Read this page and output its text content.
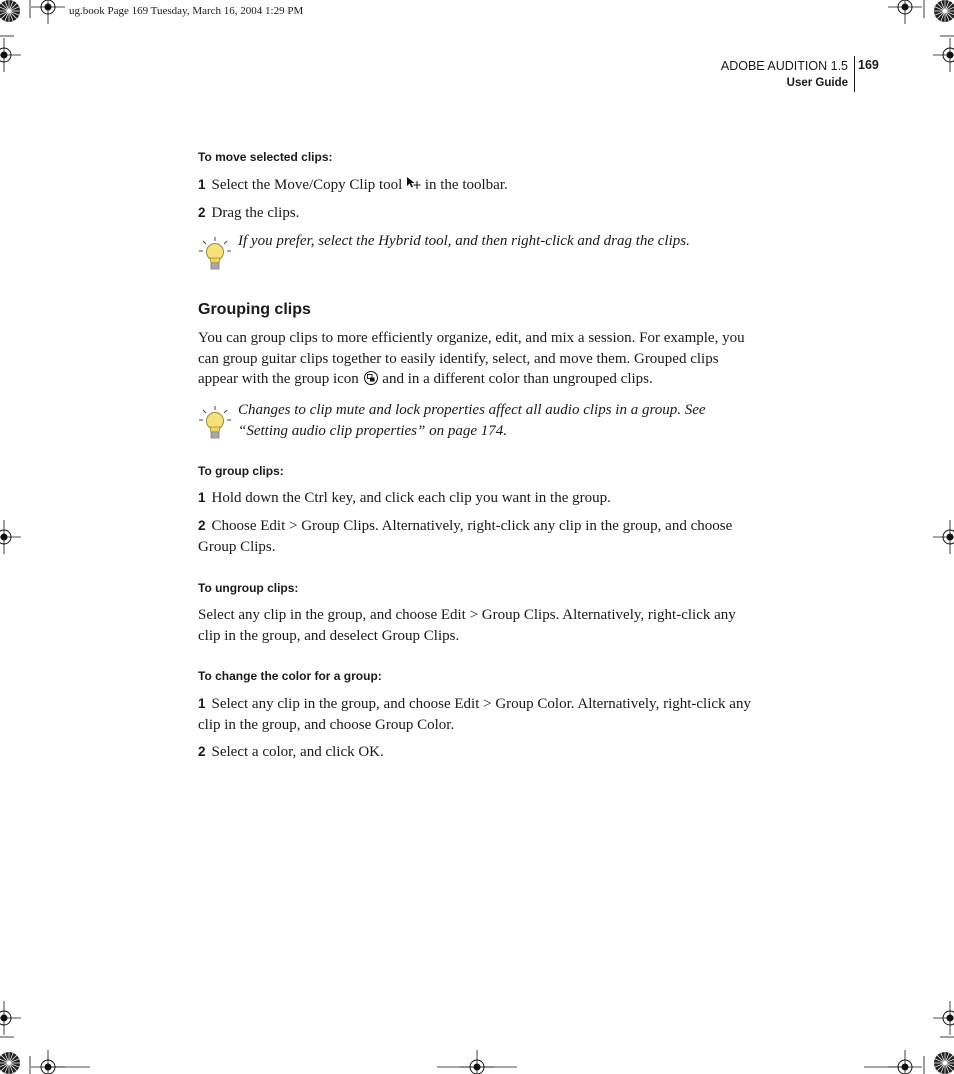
ug.book Page 169 Tuesday, March 16, 2004 1:29 PM
ADOBE AUDITION 1.5
User Guide
169
To move selected clips:
1 Select the Move/Copy Clip tool in the toolbar.
2 Drag the clips.
If you prefer, select the Hybrid tool, and then right-click and drag the clips.
Grouping clips
You can group clips to more efficiently organize, edit, and mix a session. For example, you can group guitar clips together to easily identify, select, and move them. Grouped clips appear with the group icon and in a different color than ungrouped clips.
Changes to clip mute and lock properties affect all audio clips in a group. See “Setting audio clip properties” on page 174.
To group clips:
1 Hold down the Ctrl key, and click each clip you want in the group.
2 Choose Edit > Group Clips. Alternatively, right-click any clip in the group, and choose Group Clips.
To ungroup clips:
Select any clip in the group, and choose Edit > Group Clips. Alternatively, right-click any clip in the group, and deselect Group Clips.
To change the color for a group:
1 Select any clip in the group, and choose Edit > Group Color. Alternatively, right-click any clip in the group, and choose Group Color.
2 Select a color, and click OK.
